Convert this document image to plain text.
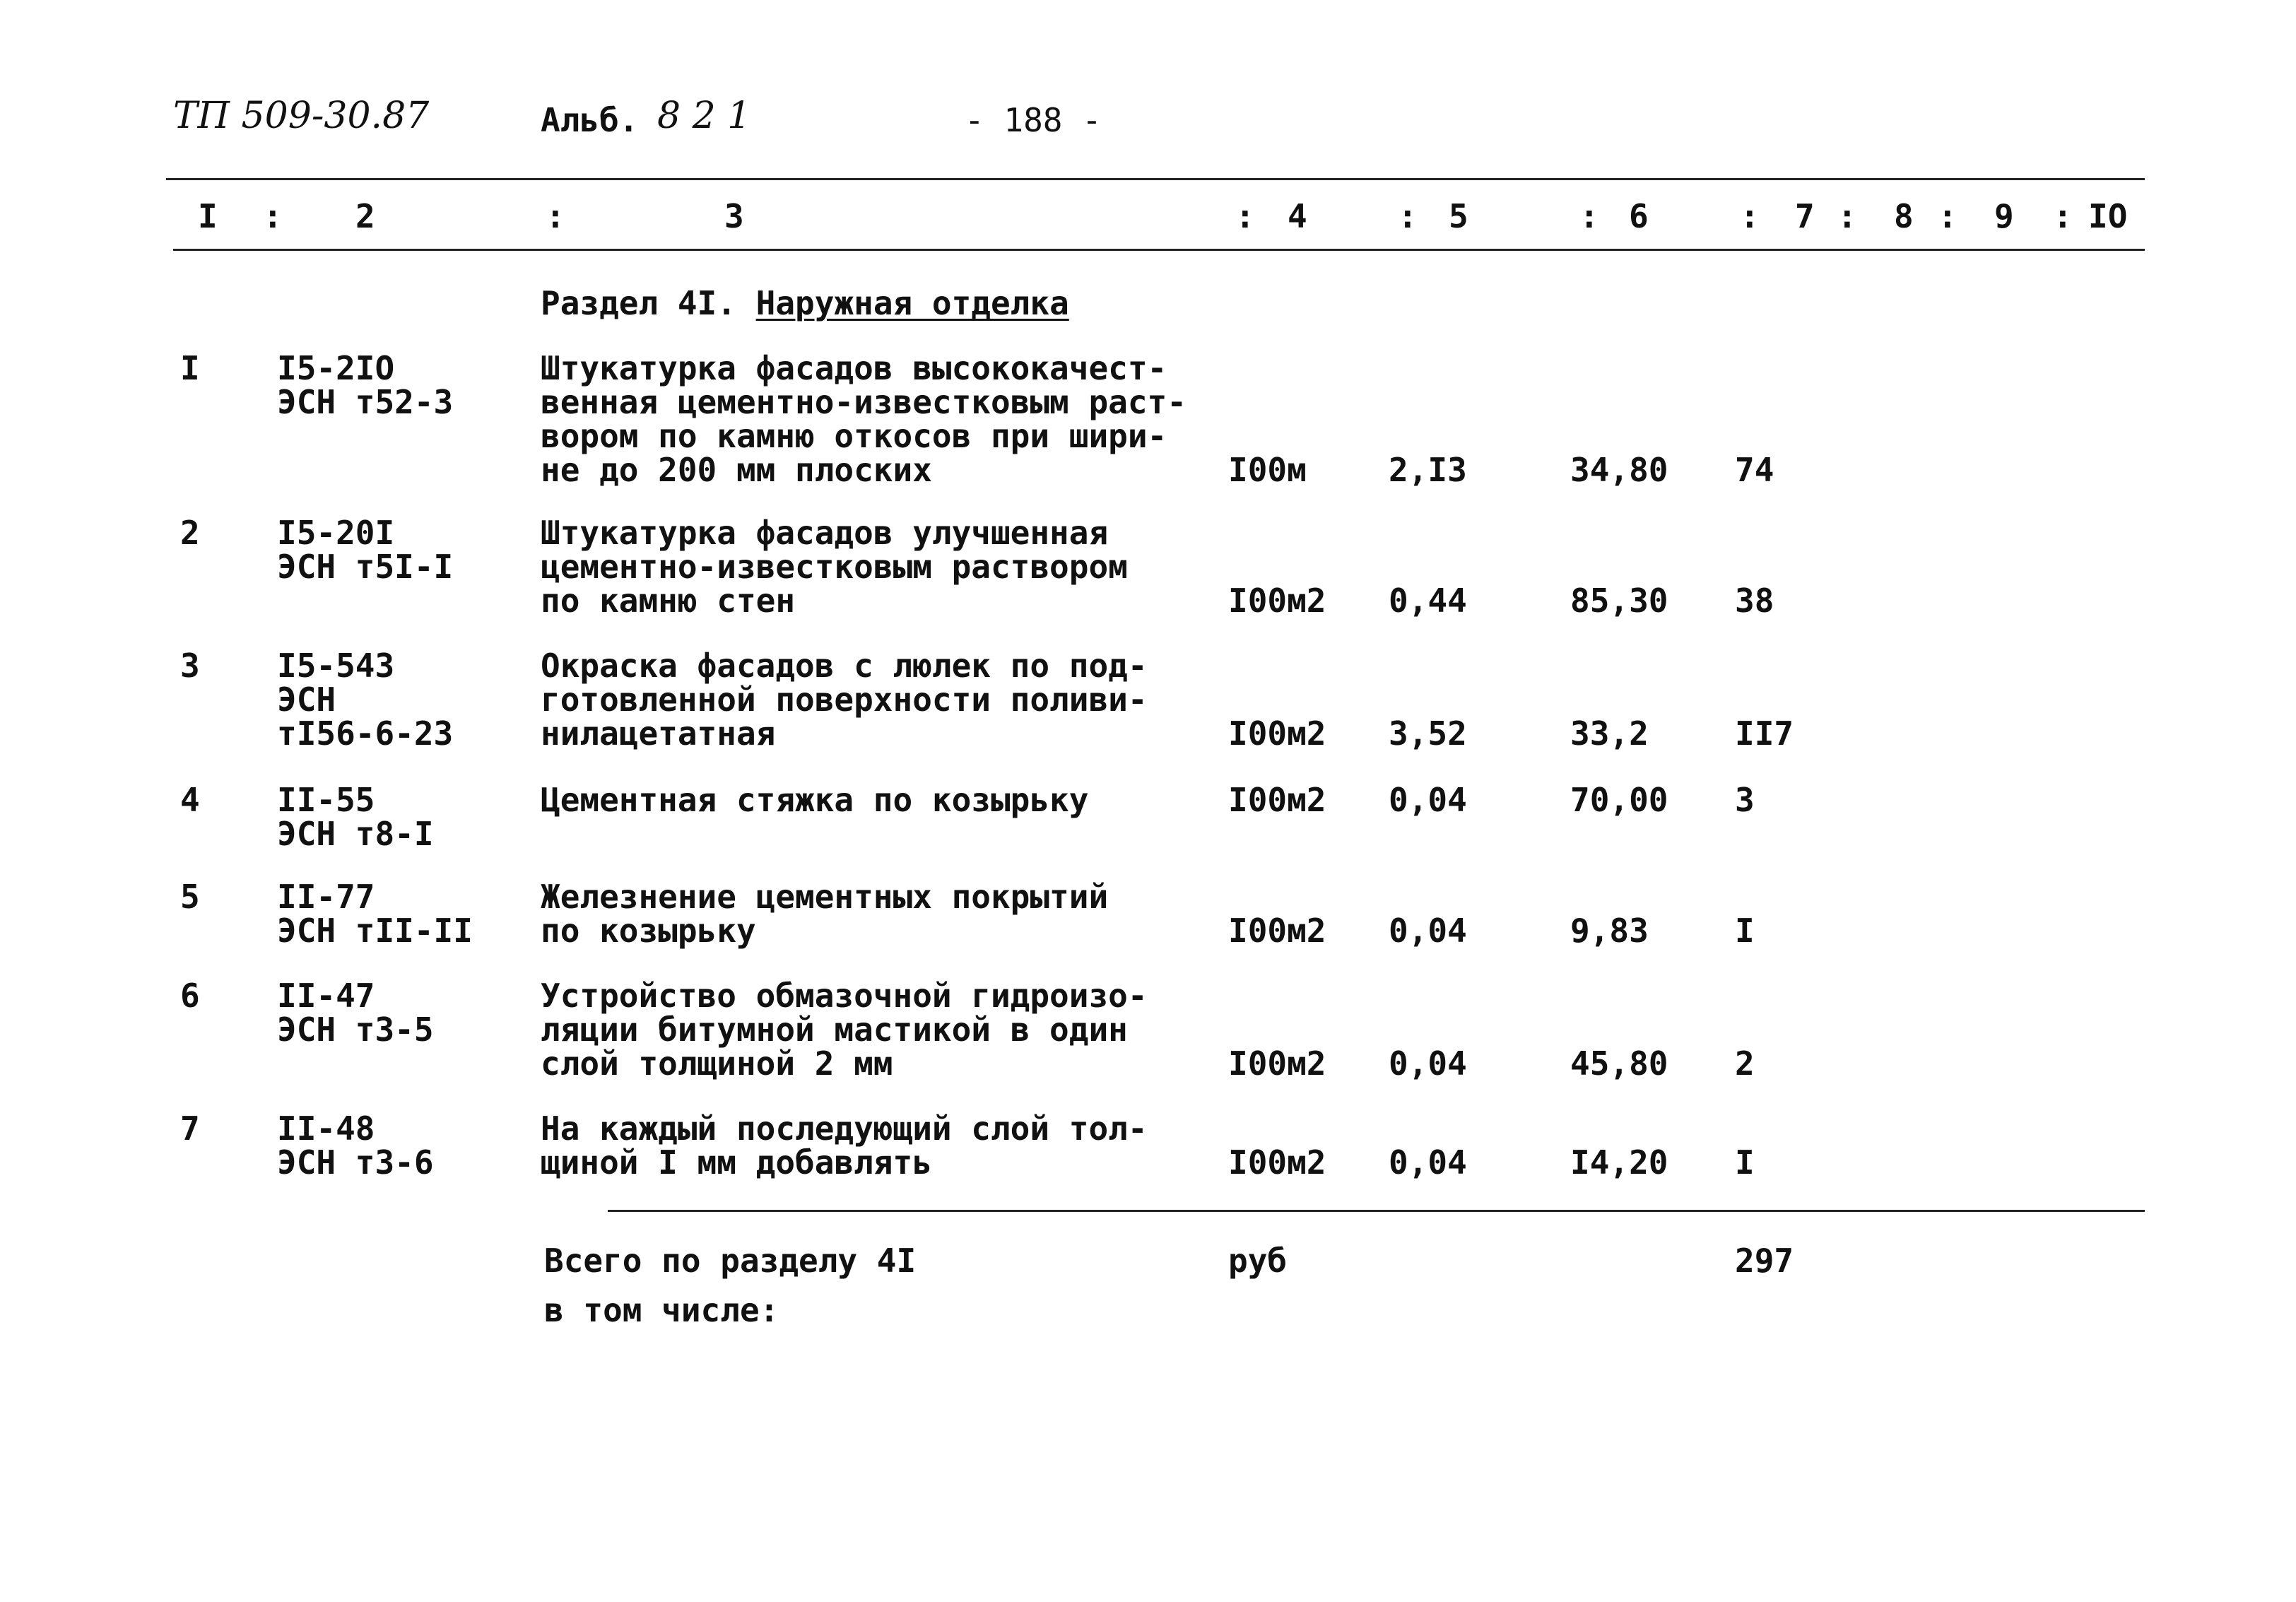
ТП 509-30.87	Альб. 8 2 1	- 188 -
I : 2	:	3	: 4	: 5	: 6	: 7 : 8 : 9 : IO
Раздел 4I. Наружная отделка
I I5-2IO
ЭСН т52-3
Штукатурка фасадов высококачест-
венная цементно-известковым раст-
вором по камню откосов при шири-
не до 200 мм плоских	I00м	2,I3	34,80 74
2 I5-20I
ЭСН т5I-I
Штукатурка фасадов улучшенная
цементно-известковым раствором
по камню стен	I00м2 0,44	85,30 38
3 I5-543
ЭСН
тI56-6-23
Окраска фасадов с люлек по под-
готовленной поверхности поливи-
нилацетатная	I00м2 3,52	33,2	II7
4 II-55
ЭСН т8-I
Цементная стяжка по козырьку	I00м2 0,04	70,00 3
5 II-77
ЭСН тII-II
Железнение цементных покрытий
по козырьку	I00м2 0,04	9,83	I
6 II-47
ЭСН т3-5
Устройство обмазочной гидроизо-
ляции битумной мастикой в один
слой толщиной 2 мм	I00м2 0,04	45,80 2
7 II-48
ЭСН т3-6
На каждый последующий слой тол-
щиной I мм добавлять	I00м2 0,04	I4,20 I
Всего по разделу 4I	руб	297
в том числе:
